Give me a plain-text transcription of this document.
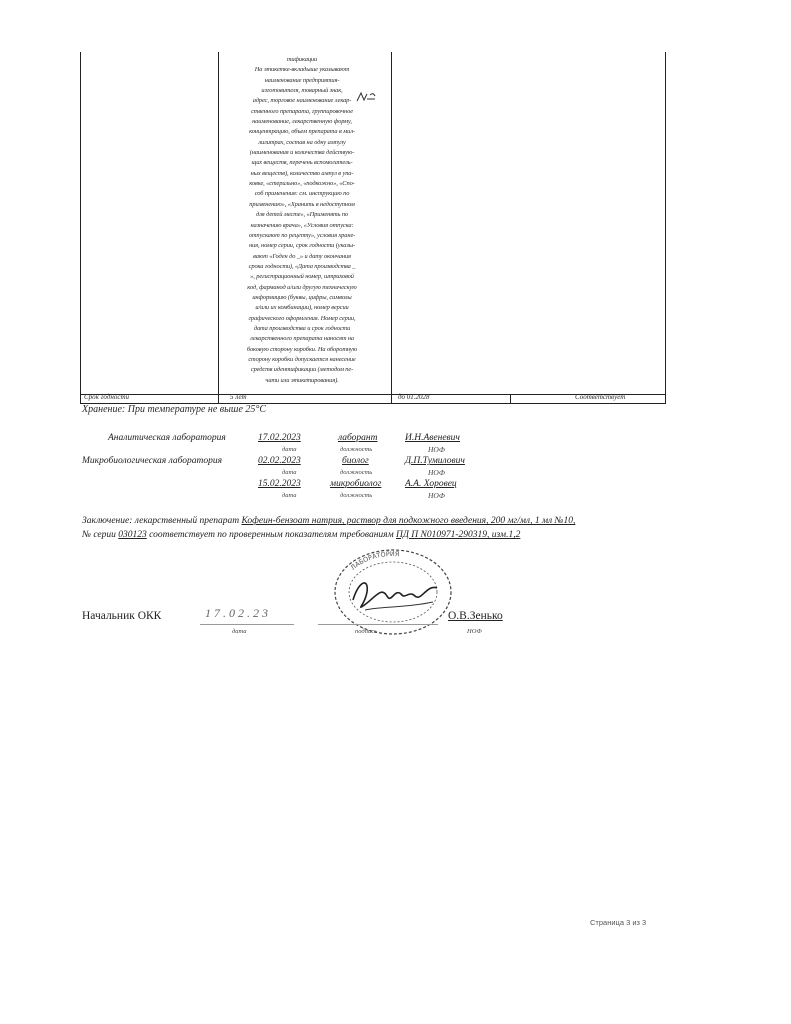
тификации
На этикетке-вкладыше указывают
наименование предприятия-
изготовителя, товарный знак,
адрес, торговое наименование лекар-
ственного препарата, группировочное
наименование, лекарственную форму,
концентрацию, объем препарата в мил-
лилитрах, состав на одну ампулу
(наименования и количества действую-
щих веществ, перечень вспомогатель-
ных веществ), количество ампул в упа-
ковке, «стерильно», «подкожно», «Спо-
соб применения: см. инструкцию по
применению», «Хранить в недоступном
для детей месте», «Применять по
назначению врача», «Условия отпуска:
отпускают по рецепту», условия хране-
ния, номер серии, срок годности (указы-
вают «Годен до _» и дату окончания
срока годности), «Дата производства _
», регистрационный номер, штриховой
код, фарманод и/или другую техническую
информацию (буквы, цифры, символы
и/или их комбинации), номер версии
графического оформления. Номер серии,
дата производства и срок годности
лекарственного препарата наносят на
боковую сторону коробки. На оборотную
сторону коробки допускается нанесение
средств идентификации (методом пе-
чати или этикетирования).
Срок годности	5 лет	до 01.2028	Соответствует
Хранение: При температуре не выше 25°C
Аналитическая лаборатория
Микробиологическая лаборатория
17.02.2023	лаборант	И.Н.Авеневич
дата	должность	НОФ
02.02.2023	биолог	Д.П.Тумилович
дата	должность	НОФ
15.02.2023	микробиолог А.А. Хоровец
дата	должность	НОФ
Заключение: лекарственный препарат Кофеин-бензоат натрия, раствор для подкожного введения, 200 мг/мл, 1 мл №10,
№ серии 030123 соответствует по проверенным показателям требованиям ПД П N010971-290319, изм.1,2
ЛАБОРАТОРИЯ
Начальник ОКК	17.02.23	О.В.Зенько
дата	подпись	НОФ
Страница 3 из 3
